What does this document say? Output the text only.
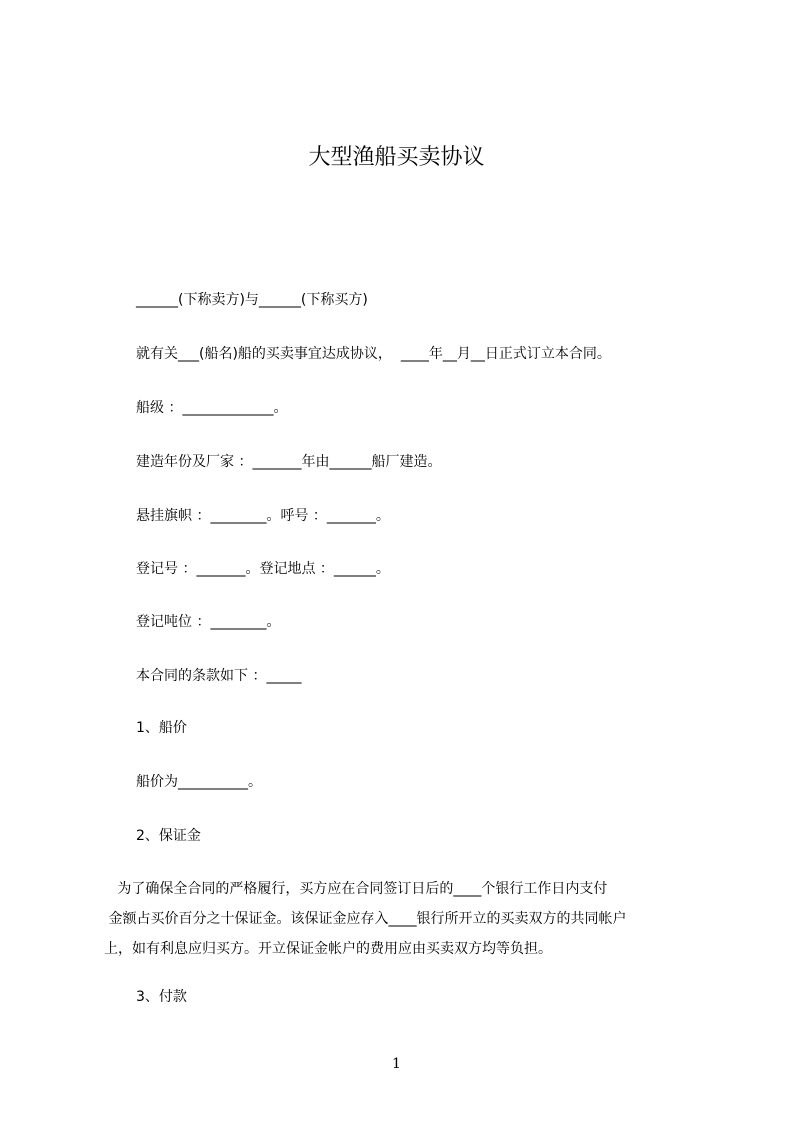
大型渔船买卖协议
______(下称卖方)与______(下称买方)
就有关___(船名)船的买卖事宜达成协议，  ____年__月__日正式订立本合同。
船级 ：_____________。
建造年份及厂家 ：_______年由______船厂建造。
悬挂旗帜 ：________。呼号 ：_______。
登记号 ：_______。登记地点 ：______。
登记吨位 ：________。
本合同的条款如下 ：_____
1、船价
船价为__________。
2、保证金

为了确保全合同的严格履行，买方应在合同签订日后的____个银行工作日内支付

金额占买价百分之十保证金。该保证金应存入____银行所开立的买卖双方的共同帐户

上，如有利息应归买方。开立保证金帐户的费用应由买卖双方均等负担。

3、付款
1
